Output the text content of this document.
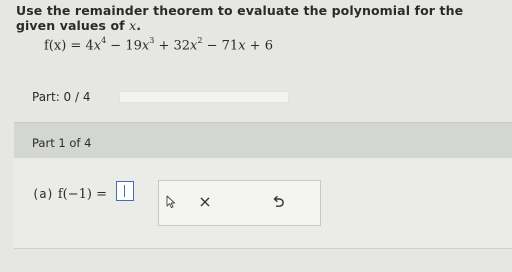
Use the remainder theorem to evaluate the polynomial for the given values of x.
$f(x) = 4x^4 - 19x^3 + 32x^2 - 71x + 6$
Part: 0 / 4
Part 1 of 4
(a) f(−1) =	×
